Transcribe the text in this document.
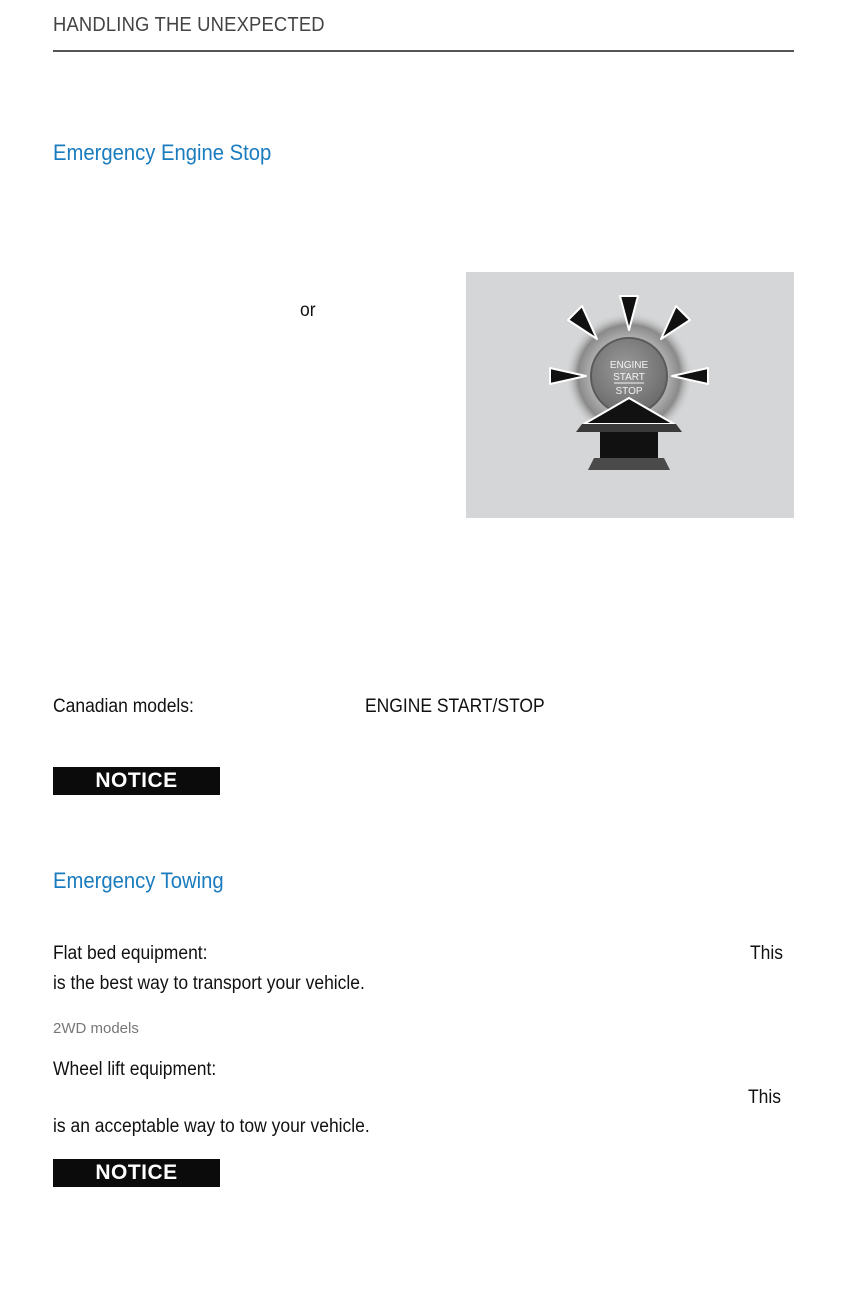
HANDLING THE UNEXPECTED
Emergency Engine Stop
or
ENGINE
START
STOP
Canadian models:	ENGINE START/STOP
NOTICE
Emergency Towing
Flat bed equipment:	This
is the best way to transport your vehicle.
2WD models
Wheel lift equipment:
This
is an acceptable way to tow your vehicle.
NOTICE
